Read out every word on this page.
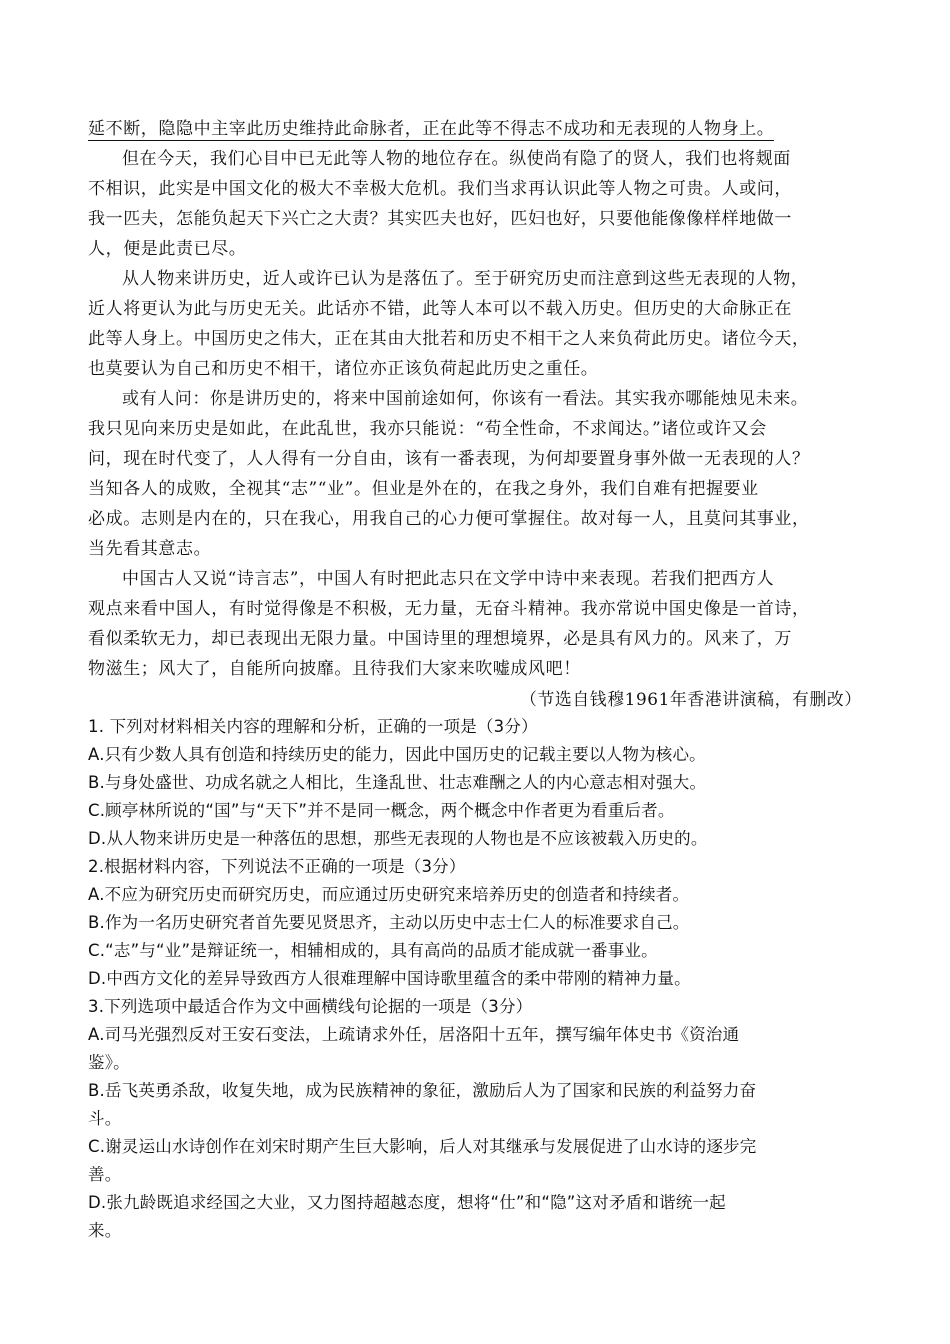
延不断，隐隐中主宰此历史维持此命脉者，正在此等不得志不成功和无表现的人物身上。
但在今天，我们心目中已无此等人物的地位存在。纵使尚有隐了的贤人，我们也将觌面
不相识，此实是中国文化的极大不幸极大危机。我们当求再认识此等人物之可贵。人或问，
我一匹夫，怎能负起天下兴亡之大责？其实匹夫也好，匹妇也好，只要他能像像样样地做一
人，便是此责已尽。
从人物来讲历史，近人或许已认为是落伍了。至于研究历史而注意到这些无表现的人物，
近人将更认为此与历史无关。此话亦不错，此等人本可以不载入历史。但历史的大命脉正在
此等人身上。中国历史之伟大，正在其由大批若和历史不相干之人来负荷此历史。诸位今天，
也莫要认为自己和历史不相干，诸位亦正该负荷起此历史之重任。
或有人问：你是讲历史的，将来中国前途如何，你该有一看法。其实我亦哪能烛见未来。
我只见向来历史是如此，在此乱世，我亦只能说：“苟全性命，不求闻达。”诸位或许又会
问，现在时代变了，人人得有一分自由，该有一番表现，为何却要置身事外做一无表现的人？
当知各人的成败，全视其“志”“业”。但业是外在的，在我之身外，我们自难有把握要业
必成。志则是内在的，只在我心，用我自己的心力便可掌握住。故对每一人，且莫问其事业，
当先看其意志。
中国古人又说“诗言志”，中国人有时把此志只在文学中诗中来表现。若我们把西方人
观点来看中国人，有时觉得像是不积极，无力量，无奋斗精神。我亦常说中国史像是一首诗，
看似柔软无力，却已表现出无限力量。中国诗里的理想境界，必是具有风力的。风来了，万
物滋生；风大了，自能所向披靡。且待我们大家来吹嘘成风吧！
（节选自钱穆1961年香港讲演稿，有删改）
1. 下列对材料相关内容的理解和分析，正确的一项是（3分）
A.只有少数人具有创造和持续历史的能力，因此中国历史的记载主要以人物为核心。
B.与身处盛世、功成名就之人相比，生逢乱世、壮志难酬之人的内心意志相对强大。
C.顾亭林所说的“国”与“天下”并不是同一概念，两个概念中作者更为看重后者。
D.从人物来讲历史是一种落伍的思想，那些无表现的人物也是不应该被载入历史的。
2.根据材料内容，下列说法不正确的一项是（3分）
A.不应为研究历史而研究历史，而应通过历史研究来培养历史的创造者和持续者。
B.作为一名历史研究者首先要见贤思齐，主动以历史中志士仁人的标准要求自己。
C.“志”与“业”是辩证统一，相辅相成的，具有高尚的品质才能成就一番事业。
D.中西方文化的差异导致西方人很难理解中国诗歌里蕴含的柔中带刚的精神力量。
3.下列选项中最适合作为文中画横线句论据的一项是（3分）
A.司马光强烈反对王安石变法，上疏请求外任，居洛阳十五年，撰写编年体史书《资治通
鉴》。
B.岳飞英勇杀敌，收复失地，成为民族精神的象征，激励后人为了国家和民族的利益努力奋
斗。
C.谢灵运山水诗创作在刘宋时期产生巨大影响，后人对其继承与发展促进了山水诗的逐步完
善。
D.张九龄既追求经国之大业，又力图持超越态度，想将“仕”和“隐”这对矛盾和谐统一起
来。
